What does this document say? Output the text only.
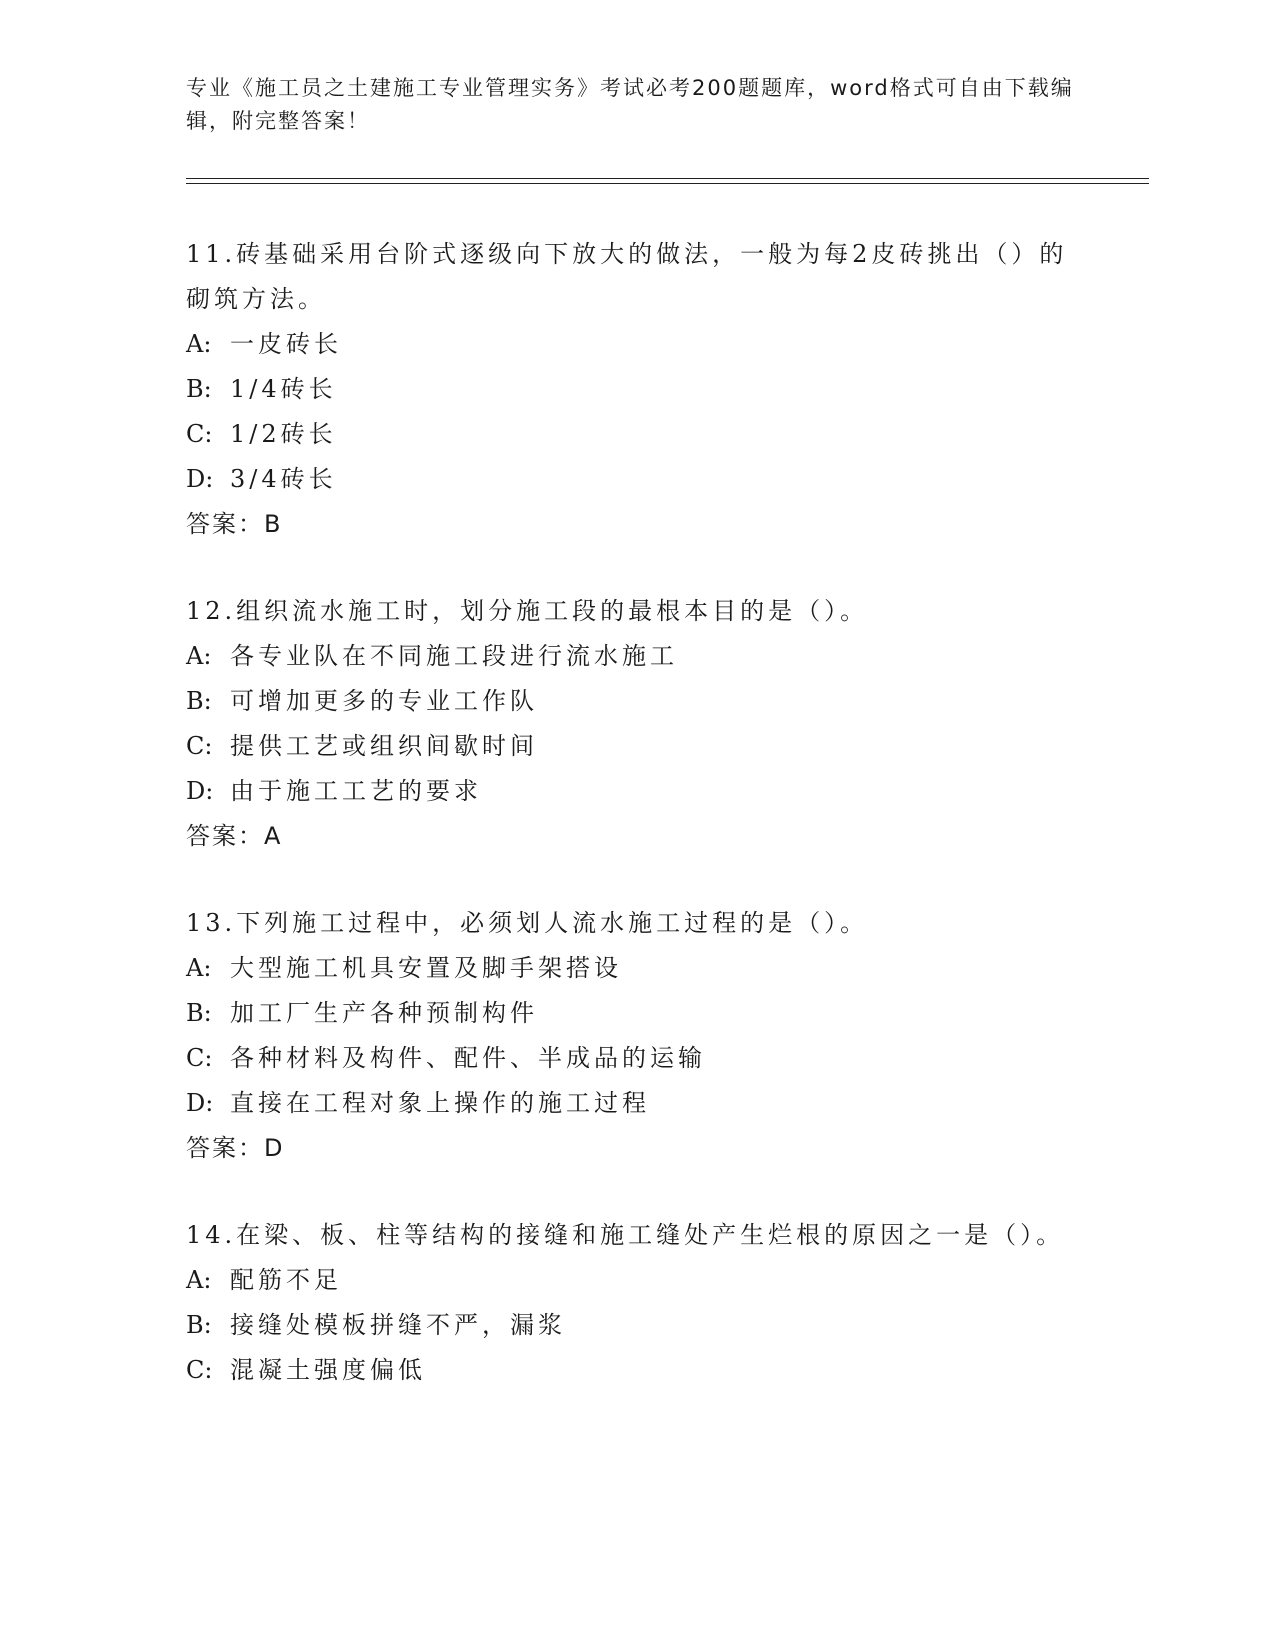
专业《施工员之土建施工专业管理实务》考试必考200题题库，word格式可自由下载编辑，附完整答案！
11.砖基础采用台阶式逐级向下放大的做法，一般为每2皮砖挑出（）的砌筑方法。
A: 一皮砖长
B: 1/4砖长
C: 1/2砖长
D: 3/4砖长
答案：B
12.组织流水施工时，划分施工段的最根本目的是（）。
A: 各专业队在不同施工段进行流水施工
B: 可增加更多的专业工作队
C: 提供工艺或组织间歇时间
D: 由于施工工艺的要求
答案：A
13.下列施工过程中，必须划人流水施工过程的是（）。
A: 大型施工机具安置及脚手架搭设
B: 加工厂生产各种预制构件
C: 各种材料及构件、配件、半成品的运输
D: 直接在工程对象上操作的施工过程
答案：D
14.在梁、板、柱等结构的接缝和施工缝处产生烂根的原因之一是（）。
A: 配筋不足
B: 接缝处模板拼缝不严，漏浆
C: 混凝土强度偏低
